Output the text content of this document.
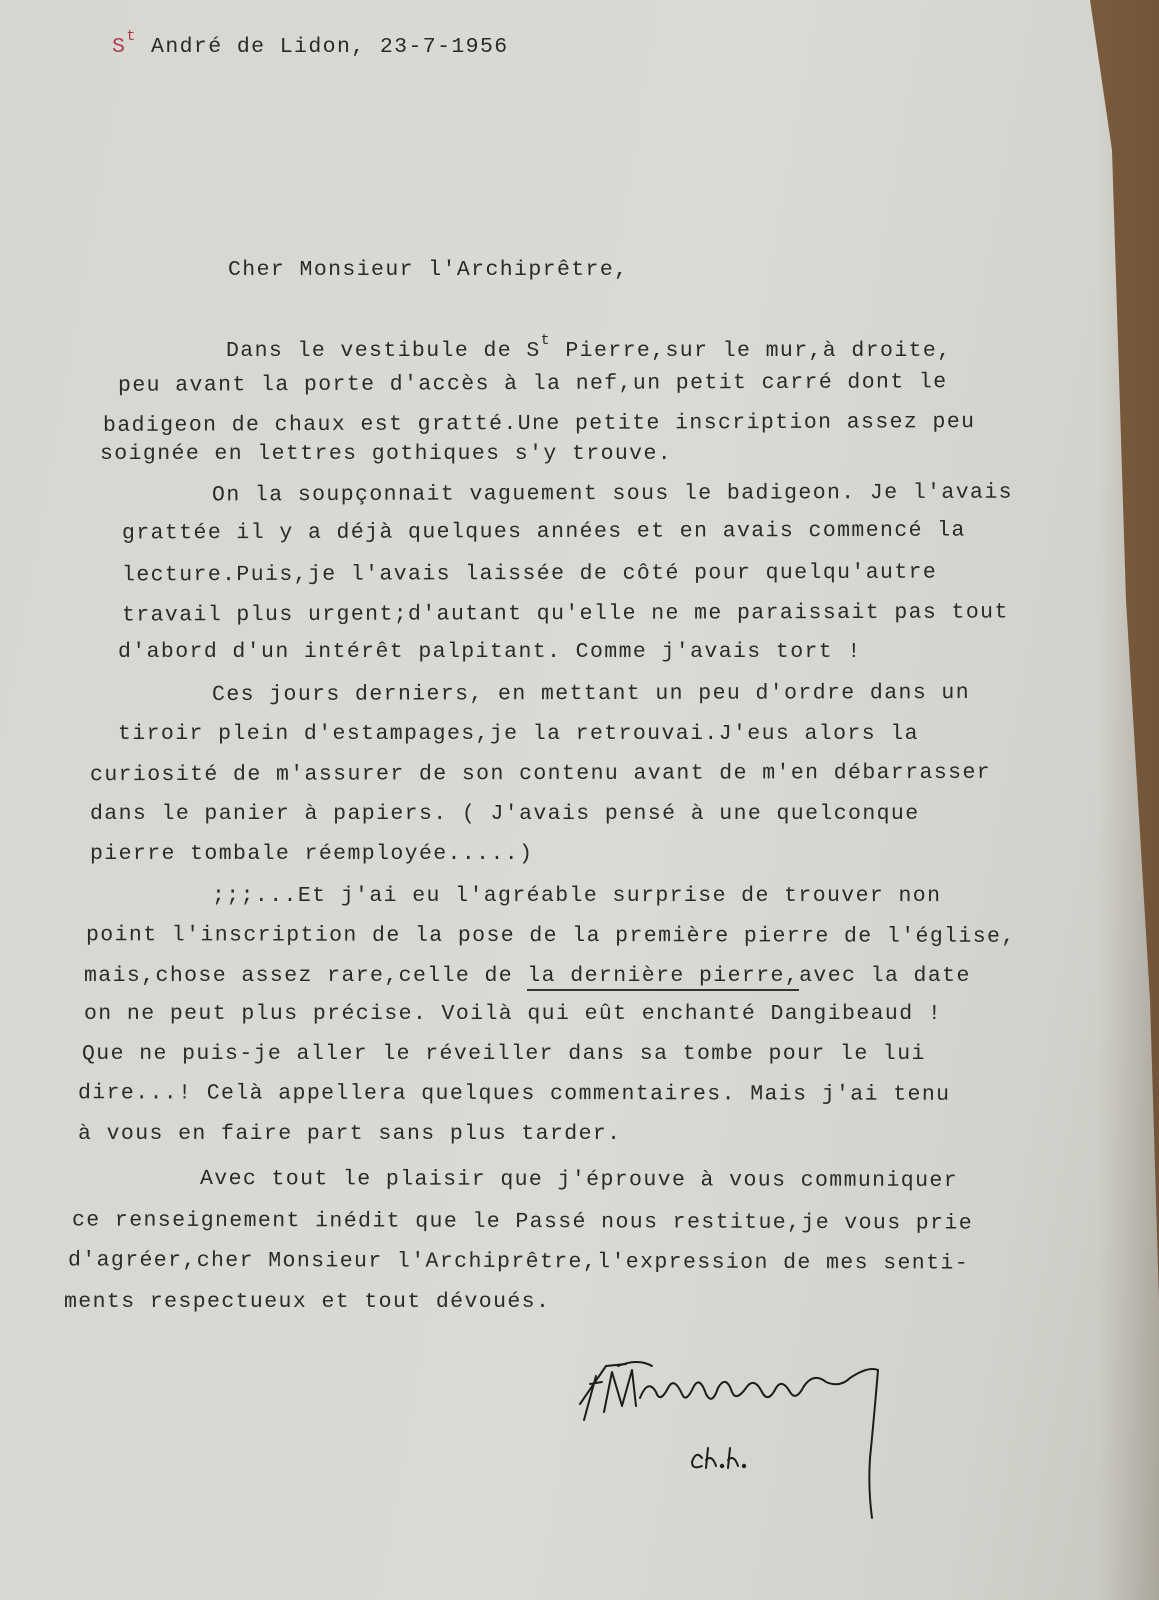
$S^t$ André de Lidon, 23-7-1956

Cher Monsieur l'Archiprêtre,

Dans le vestibule de $S^t$ Pierre,sur le mur,à droite,

peu avant la porte d'accès à la nef,un petit carré dont le

badigeon de chaux est gratté.Une petite inscription assez peu

soignée en lettres gothiques s'y trouve.

On la soupçonnait vaguement sous le badigeon. Je l'avais

grattée il y a déjà quelques années et en avais commencé la

lecture.Puis,je l'avais laissée de côté pour quelqu'autre

travail plus urgent;d'autant qu'elle ne me paraissait pas tout

d'abord d'un intérêt palpitant. Comme j'avais tort !

Ces jours derniers, en mettant un peu d'ordre dans un

tiroir plein d'estampages,je la retrouvai.J'eus alors la

curiosité de m'assurer de son contenu avant de m'en débarrasser

dans le panier à papiers. ( J'avais pensé à une quelconque

pierre tombale réemployée.....)

;;;...Et j'ai eu l'agréable surprise de trouver non

point l'inscription de la pose de la première pierre de l'église,

mais,chose assez rare,celle de la dernière pierre,avec la date

on ne peut plus précise. Voilà qui eût enchanté Dangibeaud !

Que ne puis-je aller le réveiller dans sa tombe pour le lui

dire...! Celà appellera quelques commentaires. Mais j'ai tenu

à vous en faire part sans plus tarder.

Avec tout le plaisir que j'éprouve à vous communiquer

ce renseignement inédit que le Passé nous restitue,je vous prie

d'agréer,cher Monsieur l'Archiprêtre,l'expression de mes senti-

ments respectueux et tout dévoués.
